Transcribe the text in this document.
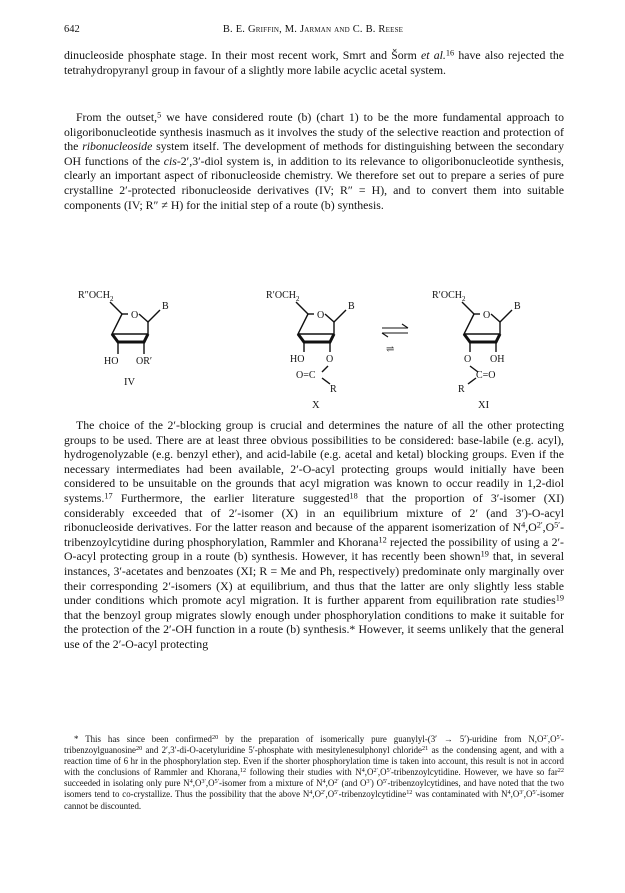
642	B. E. Griffin, M. Jarman and C. B. Reese

dinucleoside phosphate stage. In their most recent work, Smrt and Šorm et al.$^{16}$ have also rejected the tetrahydropyranyl group in favour of a slightly more labile acyclic acetal system.

From the outset,$^5$ we have considered route (b) (chart 1) to be the more fundamental approach to oligoribonucleotide synthesis inasmuch as it involves the study of the selective reaction and protection of the ribonucleoside system itself. The development of methods for distinguishing between the secondary OH functions of the cis-2′,3′-diol system is, in addition to its relevance to oligoribonucleotide synthesis, clearly an important aspect of ribonucleoside chemistry. We therefore set out to prepare a series of pure crystalline 2′-protected ribonucleoside derivatives (IV; R″ = H), and to convert them into suitable components (IV; R″ ≠ H) for the initial step of a route (b) synthesis.

$R''OCH_2$
O
B
HO OR′
IV
$R'OCH_2$
O
B
HO O
O=C
R
X
⇌
$R'OCH_2$
O
B
O OH
R
C=O
XI

The choice of the 2′-blocking group is crucial and determines the nature of all the other protecting groups to be used. There are at least three obvious possibilities to be considered: base-labile (e.g. acyl), hydrogenolyzable (e.g. benzyl ether), and acid-labile (e.g. acetal and ketal) blocking groups. Even if the necessary intermediates had been available, 2′-O-acyl protecting groups would initially have been considered to be unsuitable on the grounds that acyl migration was known to occur readily in 1,2-diol systems.$^{17}$ Furthermore, the earlier literature suggested$^{18}$ that the proportion of 3′-isomer (XI) considerably exceeded that of 2′-isomer (X) in an equilibrium mixture of 2′ (and 3′)-O-acyl ribonucleoside derivatives. For the latter reason and because of the apparent isomerization of $N^4,O^{2'},O^{5'}$-tribenzoylcytidine during phosphorylation, Rammler and Khorana$^{12}$ rejected the possibility of using a 2′-O-acyl protecting group in a route (b) synthesis. However, it has recently been shown$^{19}$ that, in several instances, 3′-acetates and benzoates (XI; R = Me and Ph, respectively) predominate only marginally over their corresponding 2′-isomers (X) at equilibrium, and thus that the latter are only slightly less stable under conditions which promote acyl migration. It is further apparent from equilibration rate studies$^{19}$ that the benzoyl group migrates slowly enough under phosphorylation conditions to make it suitable for the protection of the 2′-OH function in a route (b) synthesis.* However, it seems unlikely that the general use of the 2′-O-acyl protecting

* This has since been confirmed$^{20}$ by the preparation of isomerically pure guanylyl-(3′ → 5′)-uridine from $N,O^{2'},O^{5'}-tribenzoylguanosine^{20}$ and 2′,3′-di-O-acetyluridine 5′-phosphate with mesitylenesulphonyl chloride$^{21}$ as the condensing agent, and with a reaction time of 6 hr in the phosphorylation step. Even if the shorter phosphorylation time is taken into account, this result is not in accord with the conclusions of Rammler and Khorana,$^{12}$ following their studies with $N^4,O^{2'},O^{5'}$-tribenzoylcytidine. However, we have so far$^{22}$ succeeded in isolating only pure $N^4,O^{3'},O^{5'}$-isomer from a mixture of $N^4,O^{2'}$ (and $O^{3'}$) $O^{5'}$-tribenzoylcytidines, and have noted that the two isomers tend to co-crystallize. Thus the possibility that the above $N^4,O^{2'},O^{5'}-tribenzoylcytidine^{12}$ was contaminated with $N^4,O^{3'},O^{5'}$-isomer cannot be discounted.
